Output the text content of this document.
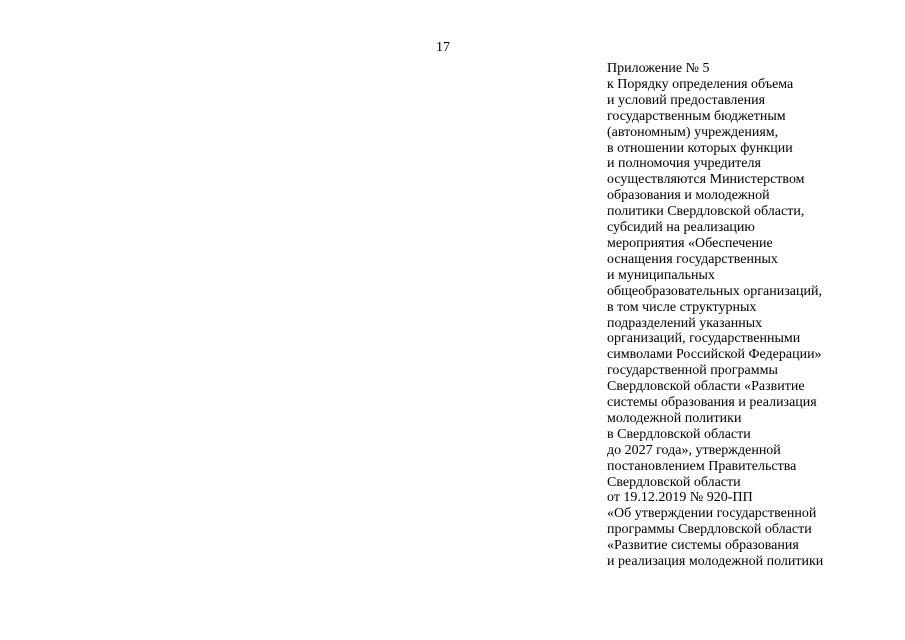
17
Приложение № 5
к Порядку определения объема
и условий предоставления
государственным бюджетным
(автономным) учреждениям,
в отношении которых функции
и полномочия учредителя
осуществляются Министерством
образования и молодежной
политики Свердловской области,
субсидий на реализацию
мероприятия «Обеспечение
оснащения государственных
и муниципальных
общеобразовательных организаций,
в том числе структурных
подразделений указанных
организаций, государственными
символами Российской Федерации»
государственной программы
Свердловской области «Развитие
системы образования и реализация
молодежной политики
в Свердловской области
до 2027 года», утвержденной
постановлением Правительства
Свердловской области
от 19.12.2019 № 920-ПП
«Об утверждении государственной
программы Свердловской области
«Развитие системы образования
и реализация молодежной политики
